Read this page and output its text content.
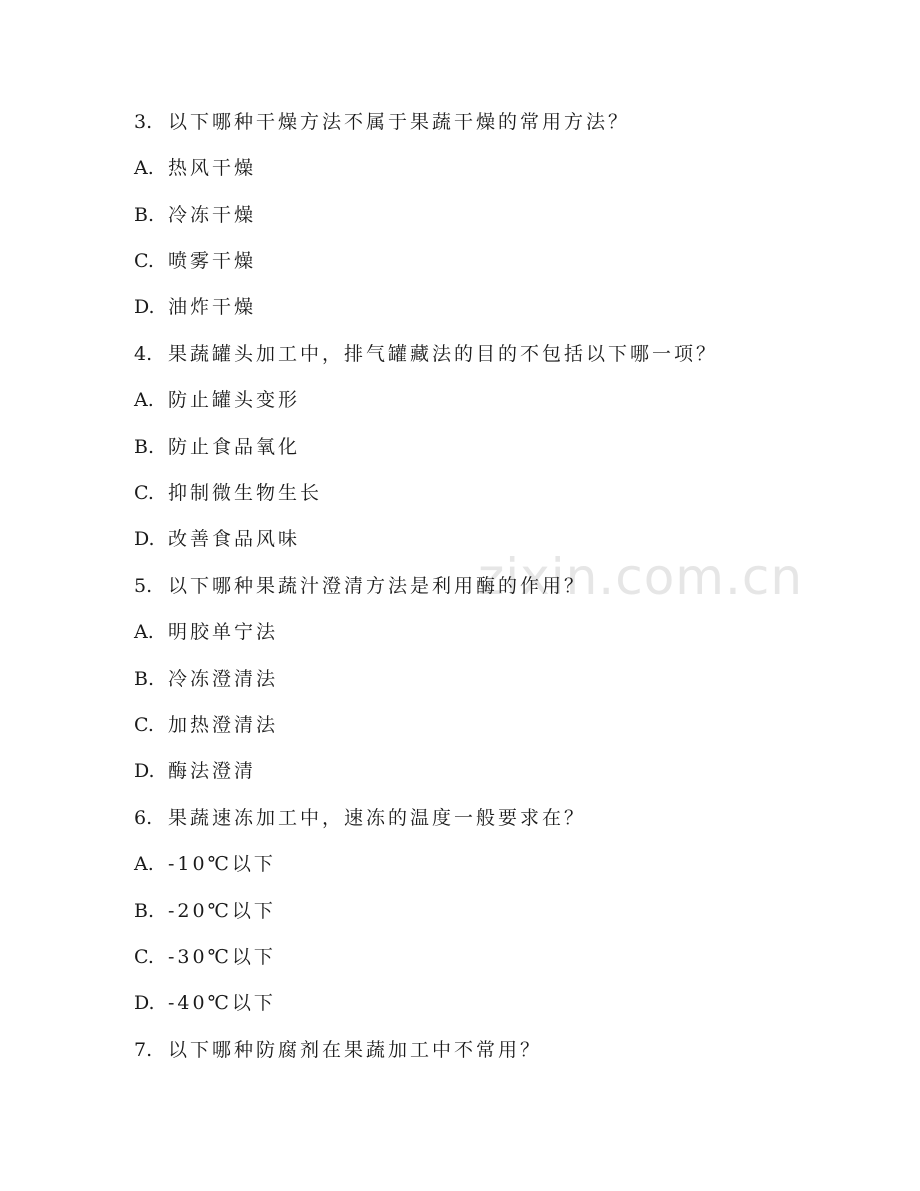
zixin.com.cn
3. 以下哪种干燥方法不属于果蔬干燥的常用方法？
A. 热风干燥
B. 冷冻干燥
C. 喷雾干燥
D. 油炸干燥
4. 果蔬罐头加工中，排气罐藏法的目的不包括以下哪一项？
A. 防止罐头变形
B. 防止食品氧化
C. 抑制微生物生长
D. 改善食品风味
5. 以下哪种果蔬汁澄清方法是利用酶的作用？
A. 明胶单宁法
B. 冷冻澄清法
C. 加热澄清法
D. 酶法澄清
6. 果蔬速冻加工中，速冻的温度一般要求在？
A. -10℃以下
B. -20℃以下
C. -30℃以下
D. -40℃以下
7. 以下哪种防腐剂在果蔬加工中不常用？
